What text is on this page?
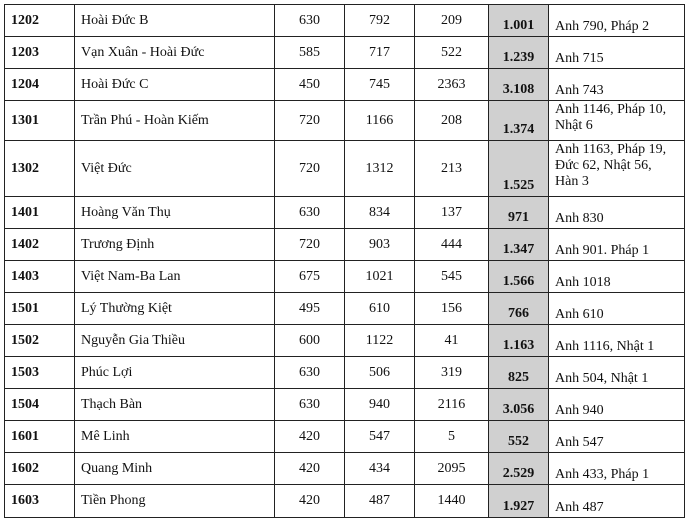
1202	Hoài Đức B	630	792	209	1.001	Anh 790, Pháp 2
1203	Vạn Xuân - Hoài Đức	585	717	522	1.239	Anh 715
1204	Hoài Đức C	450	745	2363	3.108	Anh 743
1301	Trần Phú - Hoàn Kiếm	720	1166	208	1.374	Anh 1146, Pháp 10, Nhật 6
1302	Việt Đức	720	1312	213	1.525	Anh 1163, Pháp 19, Đức 62, Nhật 56, Hàn 3
1401	Hoàng Văn Thụ	630	834	137	971	Anh 830
1402	Trương Định	720	903	444	1.347	Anh 901. Pháp 1
1403	Việt Nam-Ba Lan	675	1021	545	1.566	Anh 1018
1501	Lý Thường Kiệt	495	610	156	766	Anh 610
1502	Nguyễn Gia Thiều	600	1122	41	1.163	Anh 1116, Nhật 1
1503	Phúc Lợi	630	506	319	825	Anh 504, Nhật 1
1504	Thạch Bàn	630	940	2116	3.056	Anh 940
1601	Mê Linh	420	547	5	552	Anh 547
1602	Quang Minh	420	434	2095	2.529	Anh 433, Pháp 1
1603	Tiền Phong	420	487	1440	1.927	Anh 487
